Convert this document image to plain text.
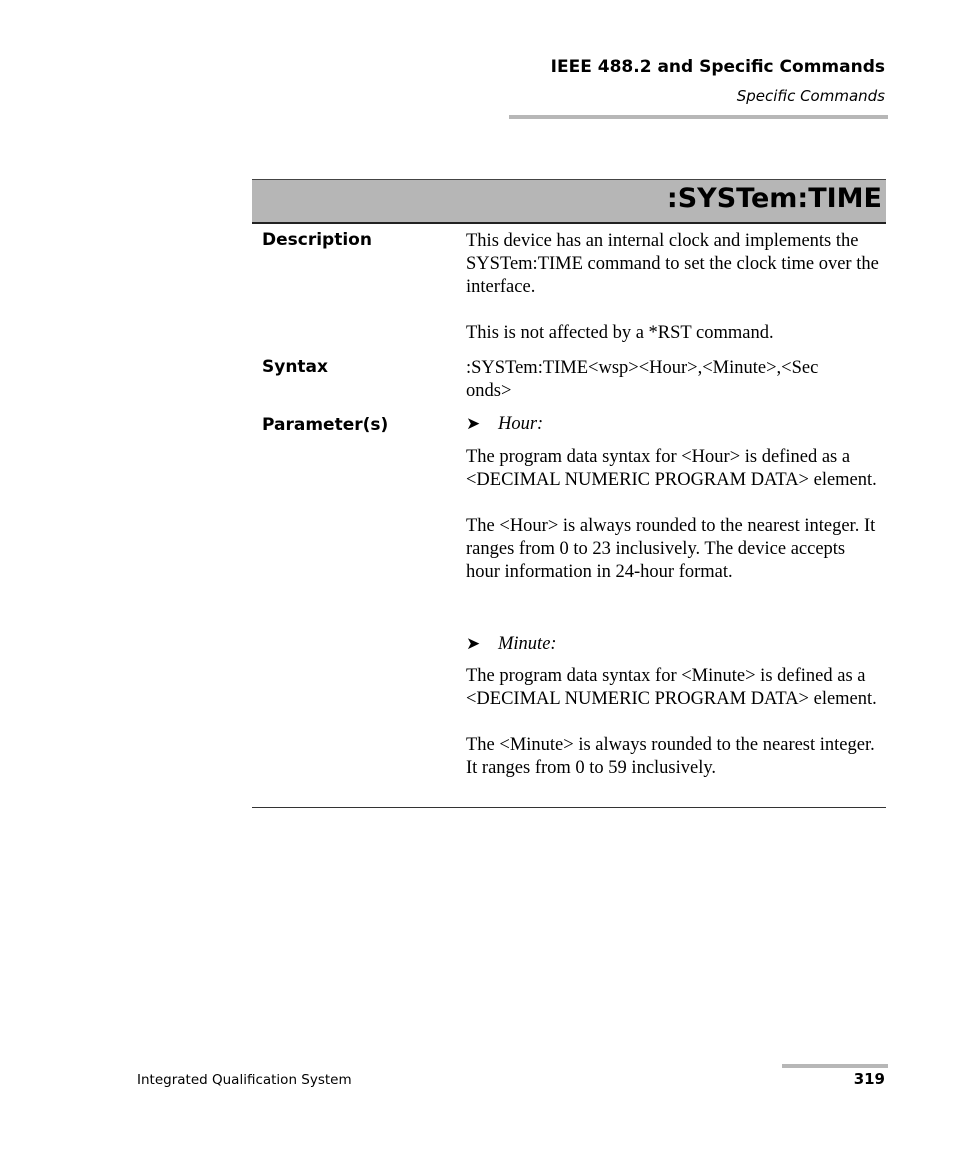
IEEE 488.2 and Specific Commands
Specific Commands
:SYSTem:TIME
Description	This device has an internal clock and implements the SYSTem:TIME command to set the clock time over the interface.

This is not affected by a *RST command.

Syntax	:SYSTem:TIME<wsp><Hour>,<Minute>,<Sec

onds>

Parameter(s)	➤ Hour:

The program data syntax for <Hour> is defined as a <DECIMAL NUMERIC PROGRAM DATA> element.

The <Hour> is always rounded to the nearest integer. It ranges from 0 to 23 inclusively. The device accepts hour information in 24-hour format.

➤ Minute:

The program data syntax for <Minute> is defined as a <DECIMAL NUMERIC PROGRAM DATA> element.

The <Minute> is always rounded to the nearest integer. It ranges from 0 to 59 inclusively.

Integrated Qualification System	319
